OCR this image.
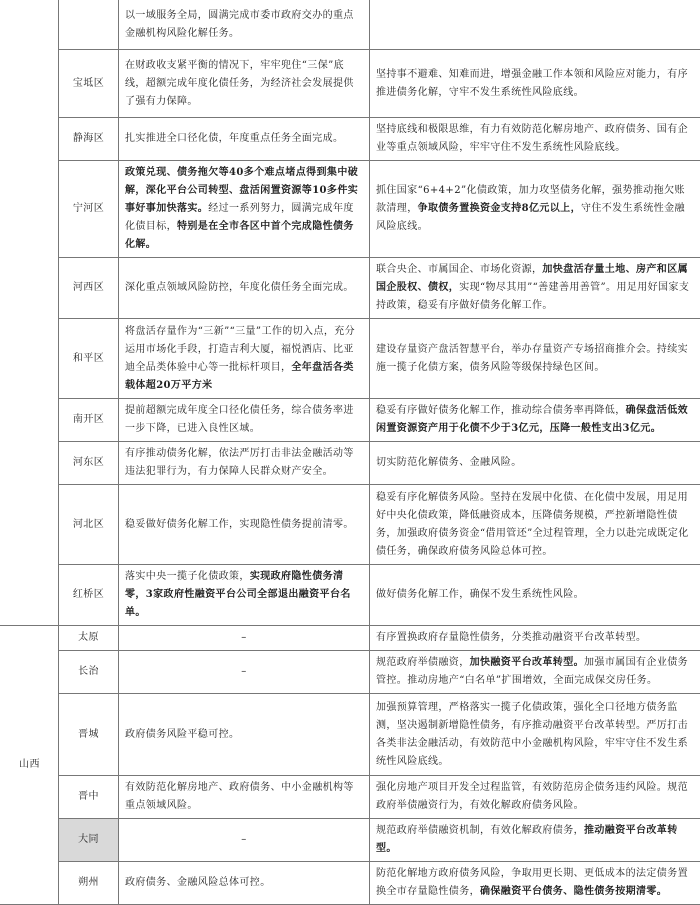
		以一域服务全局，圆满完成市委市政府交办的重点金融机构风险化解任务。	
	宝坻区	在财政收支紧平衡的情况下，牢牢兜住“三保”底线，超额完成年度化债任务，为经济社会发展提供了强有力保障。	坚持事不避难、知难而进，增强金融工作本领和风险应对能力，有序推进债务化解，守牢不发生系统性风险底线。
	静海区	扎实推进全口径化债，年度重点任务全面完成。	坚持底线和极限思维，有力有效防范化解房地产、政府债务、国有企业等重点领域风险，牢牢守住不发生系统性风险底线。
	宁河区	政策兑现、债务拖欠等40多个难点堵点得到集中破解，深化平台公司转型、盘活闲置资源等10多件实事好事加快落实。经过一系列努力，圆满完成年度化债目标，特别是在全市各区中首个完成隐性债务化解。	抓住国家“6+4+2”化债政策，加力攻坚债务化解，强势推动拖欠账款清理，争取债务置换资金支持8亿元以上，守住不发生系统性金融风险底线。
	河西区	深化重点领域风险防控，年度化债任务全面完成。	联合央企、市属国企、市场化资源，加快盘活存量土地、房产和区属国企股权、债权，实现“物尽其用”“善建善用善管”。用足用好国家支持政策，稳妥有序做好债务化解工作。
	和平区	将盘活存量作为“三新”“三量”工作的切入点，充分运用市场化手段，打造吉利大厦，福悦酒店、比亚迪全品类体验中心等一批标杆项目，全年盘活各类载体超20万平方米	建设存量资产盘活智慧平台，举办存量资产专场招商推介会。持续实施一揽子化债方案，债务风险等级保持绿色区间。
	南开区	提前超额完成年度全口径化债任务，综合债务率进一步下降，已进入良性区域。	稳妥有序做好债务化解工作，推动综合债务率再降低，确保盘活低效闲置资源资产用于化债不少于3亿元，压降一般性支出3亿元。
	河东区	有序推动债务化解，依法严厉打击非法金融活动等违法犯罪行为，有力保障人民群众财产安全。	切实防范化解债务、金融风险。
	河北区	稳妥做好债务化解工作，实现隐性债务提前清零。	稳妥有序化解债务风险。坚持在发展中化债、在化债中发展，用足用好中央化债政策，降低融资成本，压降债务规模，严控新增隐性债务，加强政府债务资金“借用管还”全过程管理，全力以赴完成既定化债任务，确保政府债务风险总体可控。
	红桥区	落实中央一揽子化债政策，实现政府隐性债务清零，3家政府性融资平台公司全部退出融资平台名单。	做好债务化解工作，确保不发生系统性风险。
山西	太原	–	有序置换政府存量隐性债务，分类推动融资平台改革转型。
	长治	–	规范政府举债融资，加快融资平台改革转型。加强市属国有企业债务管控。推动房地产“白名单”扩围增效，全面完成保交房任务。
	晋城	政府债务风险平稳可控。	加强预算管理，严格落实一揽子化债政策，强化全口径地方债务监测，坚决遏制新增隐性债务，有序推动融资平台改革转型。严厉打击各类非法金融活动，有效防范中小金融机构风险，牢牢守住不发生系统性风险底线。
	晋中	有效防范化解房地产、政府债务、中小金融机构等重点领域风险。	强化房地产项目开发全过程监管，有效防范房企债务违约风险。规范政府举债融资行为，有效化解政府债务风险。
	大同	–	规范政府举债融资机制，有效化解政府债务，推动融资平台改革转型。
	朔州	政府债务、金融风险总体可控。	防范化解地方政府债务风险，争取用更长期、更低成本的法定债务置换全市存量隐性债务，确保融资平台债务、隐性债务按期清零。
